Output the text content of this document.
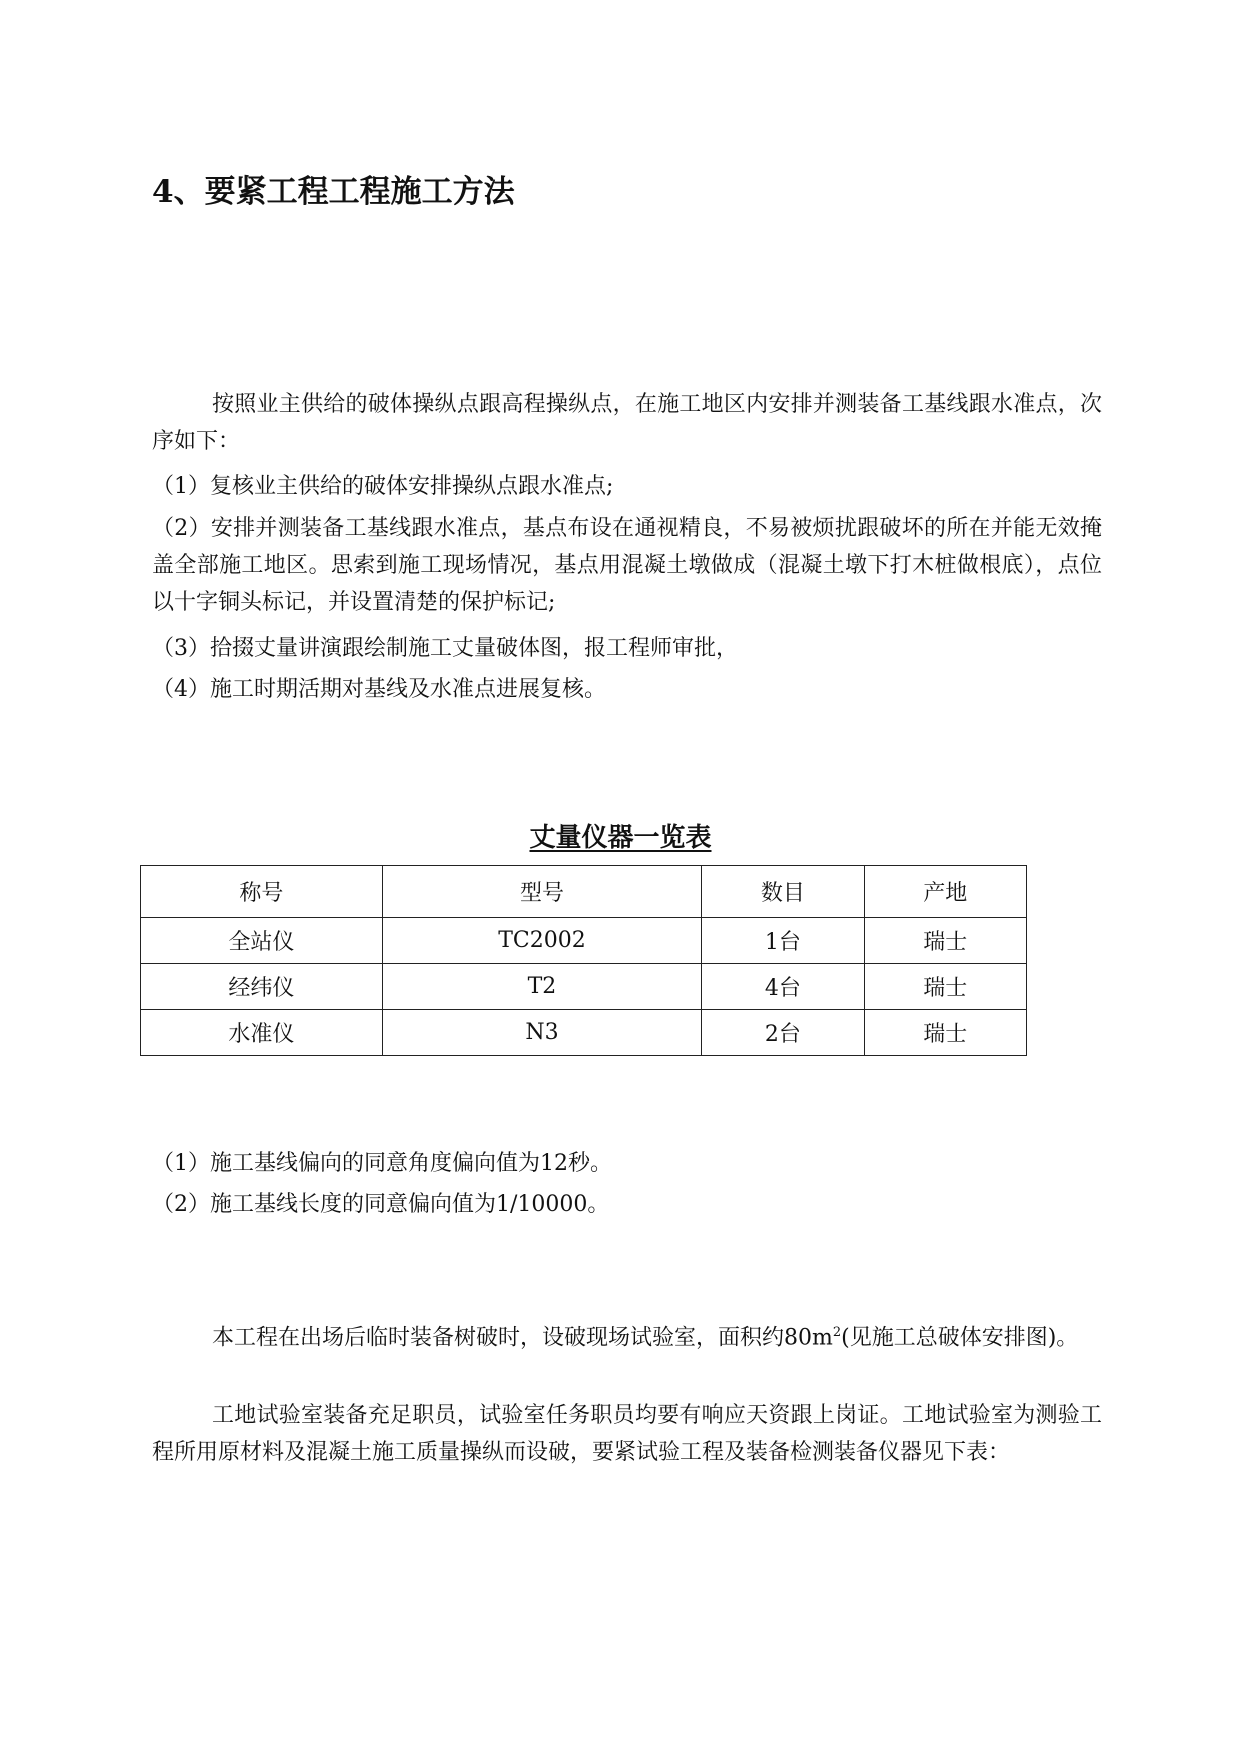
4、要紧工程工程施工方法

按照业主供给的破体操纵点跟高程操纵点，在施工地区内安排并测装备工基线跟水准点，次序如下：

（1）复核业主供给的破体安排操纵点跟水准点;

（2）安排并测装备工基线跟水准点，基点布设在通视精良，不易被烦扰跟破坏的所在并能无效掩盖全部施工地区。思索到施工现场情况，基点用混凝土墩做成（混凝土墩下打木桩做根底），点位以十字铜头标记，并设置清楚的保护标记;

（3）拾掇丈量讲演跟绘制施工丈量破体图，报工程师审批，
（4）施工时期活期对基线及水准点进展复核。
丈量仪器一览表
称号	型号	数目	产地
全站仪	TC2002	1台	瑞士
经纬仪	T2	4台	瑞士
水准仪	N3	2台	瑞士
（1）施工基线偏向的同意角度偏向值为12秒。
（2）施工基线长度的同意偏向值为1/10000。

本工程在出场后临时装备树破时，设破现场试验室，面积约$80m^2$(见施工总破体安排图)。

工地试验室装备充足职员，试验室任务职员均要有响应天资跟上岗证。工地试验室为测验工程所用原材料及混凝土施工质量操纵而设破，要紧试验工程及装备检测装备仪器见下表：
